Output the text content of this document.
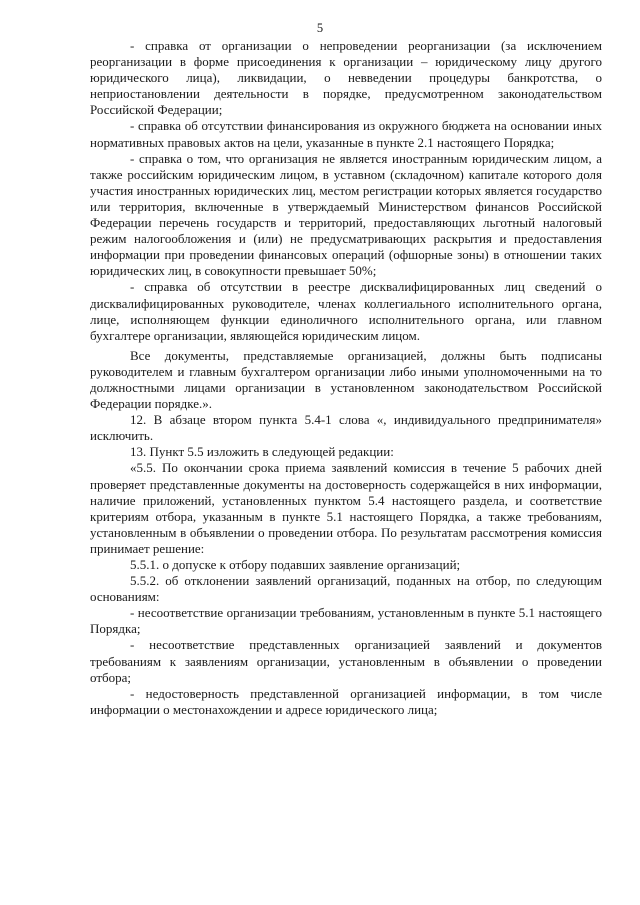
5

- справка от организации о непроведении реорганизации (за исключением реорганизации в форме присоединения к организации – юридическому лицу другого юридического лица), ликвидации, о невведении процедуры банкротства, о неприостановлении деятельности в порядке, предусмотренном законодательством Российской Федерации;

- справка об отсутствии финансирования из окружного бюджета на основании иных нормативных правовых актов на цели, указанные в пункте 2.1 настоящего Порядка;

- справка о том, что организация не является иностранным юридическим лицом, а также российским юридическим лицом, в уставном (складочном) капитале которого доля участия иностранных юридических лиц, местом регистрации которых является государство или территория, включенные в утверждаемый Министерством финансов Российской Федерации перечень государств и территорий, предоставляющих льготный налоговый режим налогообложения и (или) не предусматривающих раскрытия и предоставления информации при проведении финансовых операций (офшорные зоны) в отношении таких юридических лиц, в совокупности превышает 50%;

- справка об отсутствии в реестре дисквалифицированных лиц сведений о дисквалифицированных руководителе, членах коллегиального исполнительного органа, лице, исполняющем функции единоличного исполнительного органа, или главном бухгалтере организации, являющейся юридическим лицом.

Все документы, представляемые организацией, должны быть подписаны руководителем и главным бухгалтером организации либо иными уполномоченными на то должностными лицами организации в установленном законодательством Российской Федерации порядке.».

12. В абзаце втором пункта 5.4-1 слова «, индивидуального предпринимателя» исключить.

13. Пункт 5.5 изложить в следующей редакции:

«5.5. По окончании срока приема заявлений комиссия в течение 5 рабочих дней проверяет представленные документы на достоверность содержащейся в них информации, наличие приложений, установленных пунктом 5.4 настоящего раздела, и соответствие критериям отбора, указанным в пункте 5.1 настоящего Порядка, а также требованиям, установленным в объявлении о проведении отбора. По результатам рассмотрения комиссия принимает решение:

5.5.1. о допуске к отбору подавших заявление организаций;

5.5.2. об отклонении заявлений организаций, поданных на отбор, по следующим основаниям:

- несоответствие организации требованиям, установленным в пункте 5.1 настоящего Порядка;

- несоответствие представленных организацией заявлений и документов требованиям к заявлениям организации, установленным в объявлении о проведении отбора;

- недостоверность представленной организацией информации, в том числе информации о местонахождении и адресе юридического лица;
